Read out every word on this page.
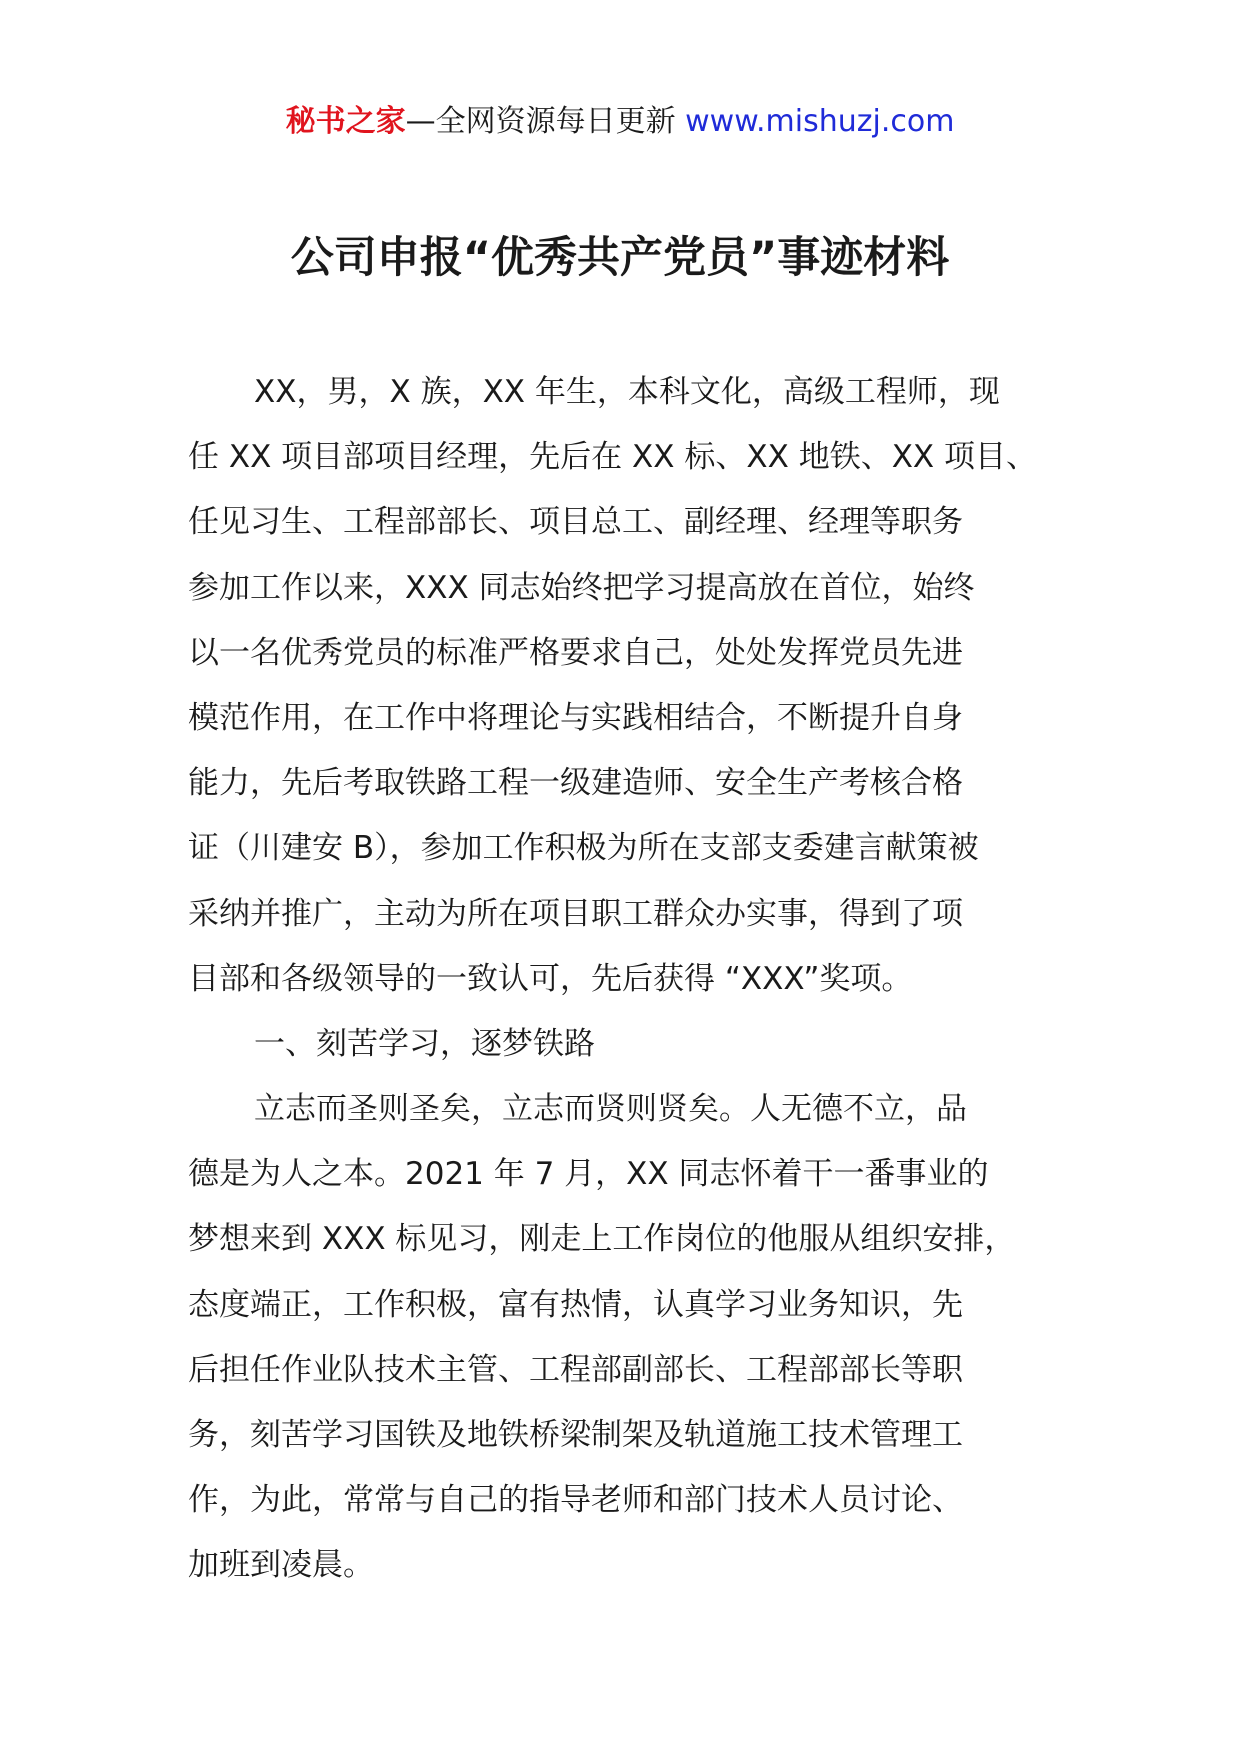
秘书之家—全网资源每日更新 www.mishuzj.com
公司申报“优秀共产党员”事迹材料
XX，男，X 族，XX 年生，本科文化，高级工程师，现
任 XX 项目部项目经理，先后在 XX 标、XX 地铁、XX 项目、
任见习生、工程部部长、项目总工、副经理、经理等职务
参加工作以来，XXX 同志始终把学习提高放在首位，始终
以一名优秀党员的标准严格要求自己，处处发挥党员先进
模范作用，在工作中将理论与实践相结合，不断提升自身
能力，先后考取铁路工程一级建造师、安全生产考核合格
证（川建安 B），参加工作积极为所在支部支委建言献策被
采纳并推广，主动为所在项目职工群众办实事，得到了项
目部和各级领导的一致认可，先后获得 “XXX”奖项。
一、刻苦学习，逐梦铁路
立志而圣则圣矣，立志而贤则贤矣。人无德不立，品
德是为人之本。2021 年 7 月，XX 同志怀着干一番事业的
梦想来到 XXX 标见习，刚走上工作岗位的他服从组织安排，
态度端正，工作积极，富有热情，认真学习业务知识，先
后担任作业队技术主管、工程部副部长、工程部部长等职
务，刻苦学习国铁及地铁桥梁制架及轨道施工技术管理工
作，为此，常常与自己的指导老师和部门技术人员讨论、
加班到凌晨。
